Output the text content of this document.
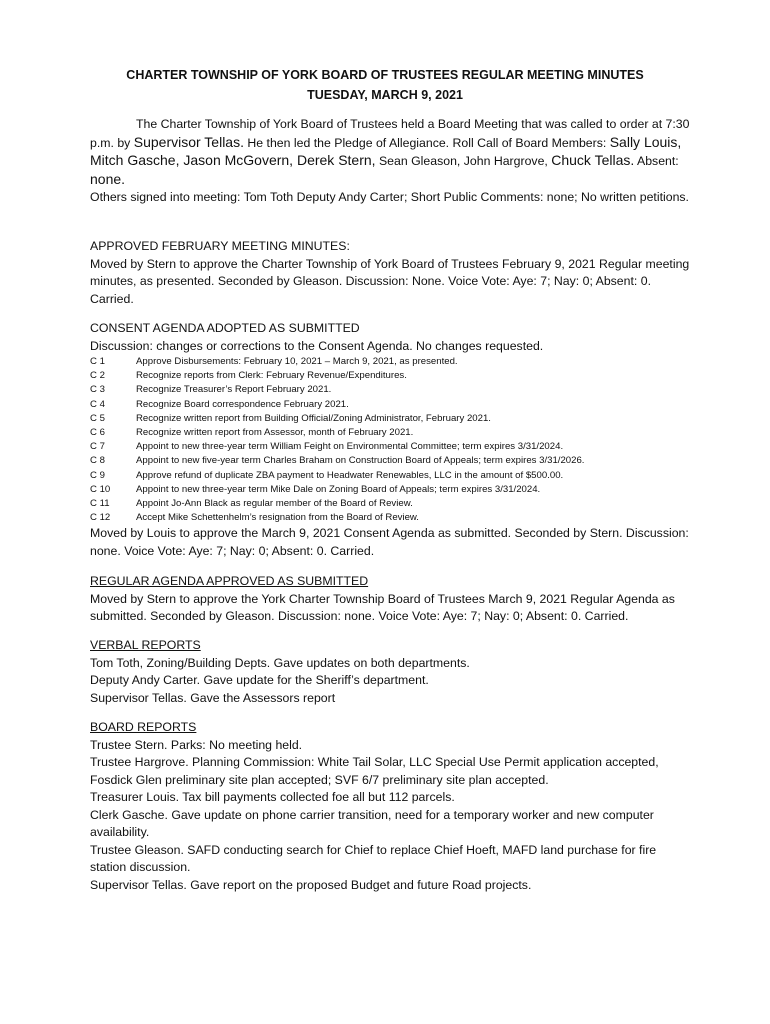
CHARTER TOWNSHIP OF YORK BOARD OF TRUSTEES REGULAR MEETING MINUTES
TUESDAY, MARCH 9, 2021

The Charter Township of York Board of Trustees held a Board Meeting that was called to order at 7:30 p.m. by Supervisor Tellas. He then led the Pledge of Allegiance. Roll Call of Board Members: Sally Louis, Mitch Gasche, Jason McGovern, Derek Stern, Sean Gleason, John Hargrove, Chuck Tellas. Absent: none.

Others signed into meeting: Tom Toth Deputy Andy Carter; Short Public Comments: none; No written petitions.

APPROVED FEBRUARY MEETING MINUTES:

Moved by Stern to approve the Charter Township of York Board of Trustees February 9, 2021 Regular meeting minutes, as presented. Seconded by Gleason. Discussion: None. Voice Vote: Aye: 7; Nay: 0; Absent: 0. Carried.

CONSENT AGENDA ADOPTED AS SUBMITTED

Discussion: changes or corrections to the Consent Agenda. No changes requested.

C 1	Approve Disbursements: February 10, 2021 – March 9, 2021, as presented.
C 2	Recognize reports from Clerk: February Revenue/Expenditures.
C 3	Recognize Treasurer’s Report February 2021.
C 4	Recognize Board correspondence February 2021.
C 5	Recognize written report from Building Official/Zoning Administrator, February 2021.
C 6	Recognize written report from Assessor, month of February 2021.
C 7	Appoint to new three-year term William Feight on Environmental Committee; term expires 3/31/2024.
C 8	Appoint to new five-year term Charles Braham on Construction Board of Appeals; term expires 3/31/2026.
C 9	Approve refund of duplicate ZBA payment to Headwater Renewables, LLC in the amount of $500.00.
C 10	Appoint to new three-year term Mike Dale on Zoning Board of Appeals; term expires 3/31/2024.
C 11	Appoint Jo-Ann Black as regular member of the Board of Review.
C 12	Accept Mike Schettenhelm’s resignation from the Board of Review.

Moved by Louis to approve the March 9, 2021 Consent Agenda as submitted. Seconded by Stern. Discussion: none. Voice Vote: Aye: 7; Nay: 0; Absent: 0. Carried.

REGULAR AGENDA APPROVED AS SUBMITTED

Moved by Stern to approve the York Charter Township Board of Trustees March 9, 2021 Regular Agenda as submitted. Seconded by Gleason. Discussion: none. Voice Vote: Aye: 7; Nay: 0; Absent: 0. Carried.

VERBAL REPORTS

Tom Toth, Zoning/Building Depts. Gave updates on both departments.

Deputy Andy Carter. Gave update for the Sheriff’s department.

Supervisor Tellas. Gave the Assessors report

BOARD REPORTS

Trustee Stern. Parks: No meeting held.

Trustee Hargrove. Planning Commission: White Tail Solar, LLC Special Use Permit application accepted, Fosdick Glen preliminary site plan accepted; SVF 6/7 preliminary site plan accepted.

Treasurer Louis. Tax bill payments collected foe all but 112 parcels.

Clerk Gasche. Gave update on phone carrier transition, need for a temporary worker and new computer availability.

Trustee Gleason. SAFD conducting search for Chief to replace Chief Hoeft, MAFD land purchase for fire station discussion.

Supervisor Tellas. Gave report on the proposed Budget and future Road projects.
